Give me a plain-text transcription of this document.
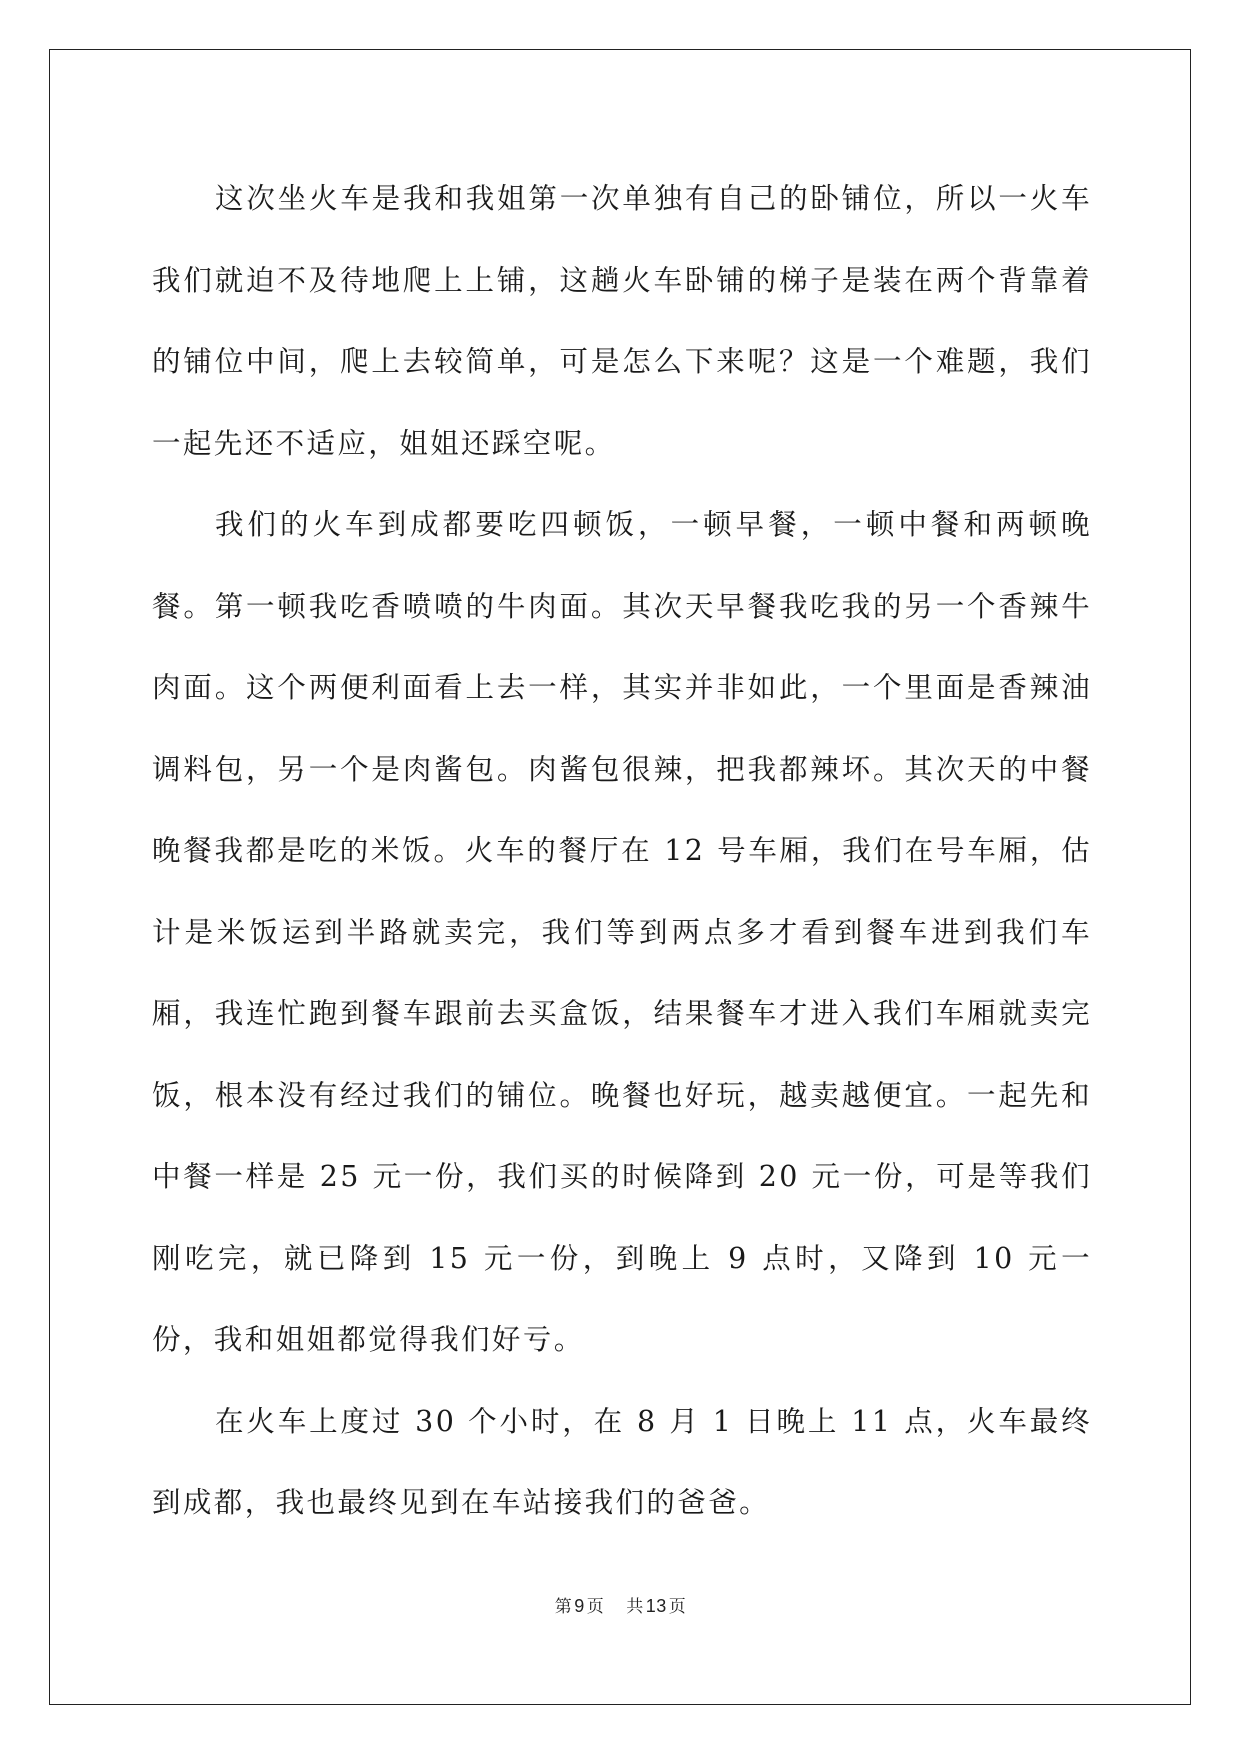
这次坐火车是我和我姐第一次单独有自己的卧铺位，所以一火车我们就迫不及待地爬上上铺，这趟火车卧铺的梯子是装在两个背靠着的铺位中间，爬上去较简单，可是怎么下来呢？这是一个难题，我们一起先还不适应，姐姐还踩空呢。

我们的火车到成都要吃四顿饭，一顿早餐，一顿中餐和两顿晚餐。第一顿我吃香喷喷的牛肉面。其次天早餐我吃我的另一个香辣牛肉面。这个两便利面看上去一样，其实并非如此，一个里面是香辣油调料包，另一个是肉酱包。肉酱包很辣，把我都辣坏。其次天的中餐晚餐我都是吃的米饭。火车的餐厅在 12 号车厢，我们在号车厢，估计是米饭运到半路就卖完，我们等到两点多才看到餐车进到我们车厢，我连忙跑到餐车跟前去买盒饭，结果餐车才进入我们车厢就卖完饭，根本没有经过我们的铺位。晚餐也好玩，越卖越便宜。一起先和中餐一样是 25 元一份，我们买的时候降到 20 元一份，可是等我们刚吃完，就已降到 15 元一份，到晚上 9 点时，又降到 10 元一份，我和姐姐都觉得我们好亏。

在火车上度过 30 个小时，在 8 月 1 日晚上 11 点，火车最终到成都，我也最终见到在车站接我们的爸爸。

第 9 页 共 13 页
